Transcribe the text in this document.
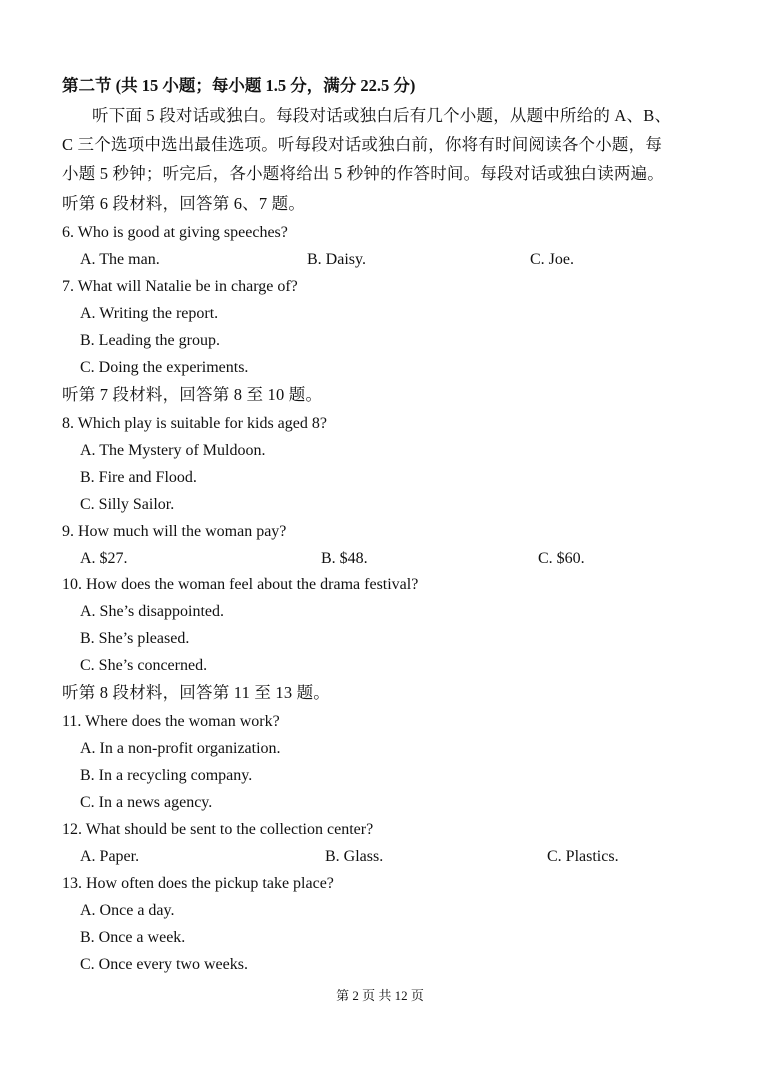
第二节 (共 15 小题；每小题 1.5 分，满分 22.5 分)
听下面 5 段对话或独白。每段对话或独白后有几个小题，从题中所给的 A、B、
C 三个选项中选出最佳选项。听每段对话或独白前，你将有时间阅读各个小题，每
小题 5 秒钟；听完后，各小题将给出 5 秒钟的作答时间。每段对话或独白读两遍。
听第 6 段材料，回答第 6、7 题。
6. Who is good at giving speeches?
A. The man.	B. Daisy.	C. Joe.
7. What will Natalie be in charge of?
A. Writing the report.
B. Leading the group.
C. Doing the experiments.
听第 7 段材料，回答第 8 至 10 题。
8. Which play is suitable for kids aged 8?
A. The Mystery of Muldoon.
B. Fire and Flood.
C. Silly Sailor.
9. How much will the woman pay?
A. $27.	B. $48.	C. $60.
10. How does the woman feel about the drama festival?
A. She’s disappointed.
B. She’s pleased.
C. She’s concerned.
听第 8 段材料，回答第 11 至 13 题。
11. Where does the woman work?
A. In a non-profit organization.
B. In a recycling company.
C. In a news agency.
12. What should be sent to the collection center?
A. Paper.	B. Glass.	C. Plastics.
13. How often does the pickup take place?
A. Once a day.
B. Once a week.
C. Once every two weeks.
第 2 页 共 12 页
